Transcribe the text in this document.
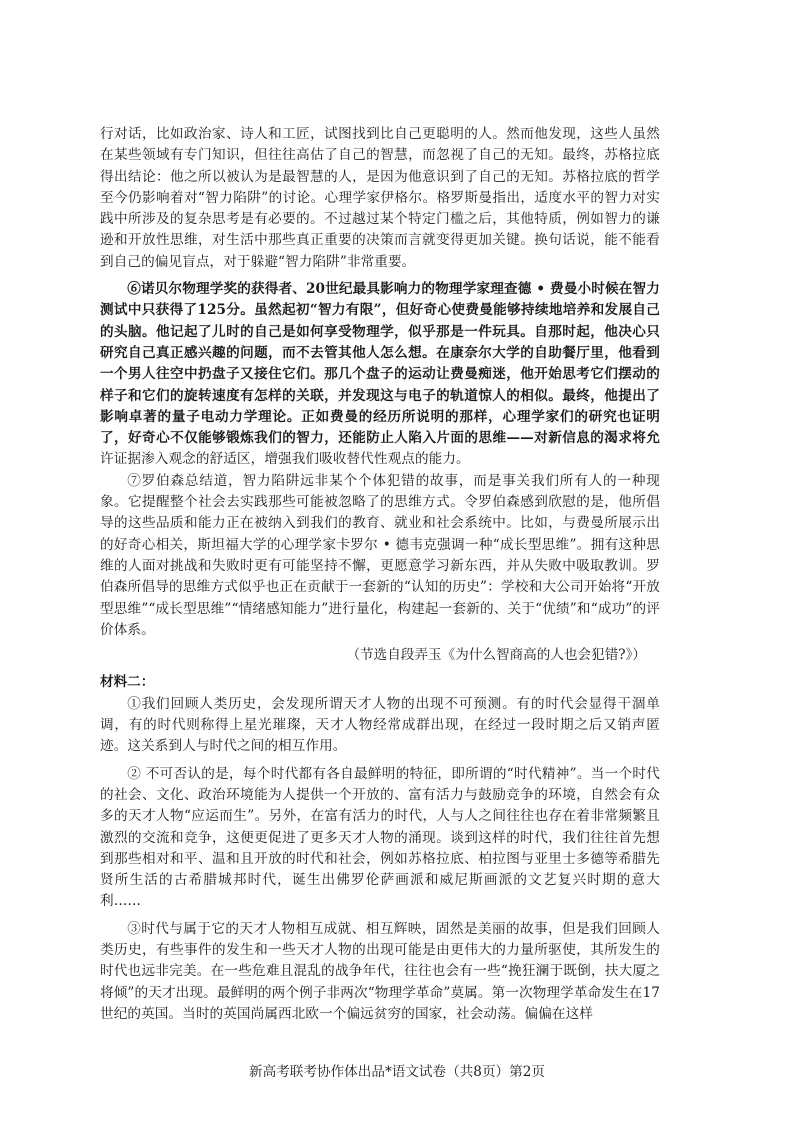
行对话，比如政治家、诗人和工匠，试图找到比自己更聪明的人。然而他发现，这些人虽然在某些领域有专门知识，但往往高估了自己的智慧，而忽视了自己的无知。最终，苏格拉底得出结论：他之所以被认为是最智慧的人，是因为他意识到了自己的无知。苏格拉底的哲学至今仍影响着对“智力陷阱”的讨论。心理学家伊格尔。格罗斯曼指出，适度水平的智力对实践中所涉及的复杂思考是有必要的。不过越过某个特定门槛之后，其他特质，例如智力的谦逊和开放性思维，对生活中那些真正重要的决策而言就变得更加关键。换句话说，能不能看到自己的偏见盲点，对于躲避“智力陷阱”非常重要。

⑥诺贝尔物理学奖的获得者、20世纪最具影响力的物理学家理查德 • 费曼小时候在智力测试中只获得了125分。虽然起初“智力有限”，但好奇心使费曼能够持续地培养和发展自己的头脑。他记起了儿时的自己是如何享受物理学，似乎那是一件玩具。自那时起，他决心只研究自己真正感兴趣的问题，而不去管其他人怎么想。在康奈尔大学的自助餐厅里，他看到一个男人往空中扔盘子又接住它们。那几个盘子的运动让费曼痴迷，他开始思考它们摆动的样子和它们的旋转速度有怎样的关联，并发现这与电子的轨道惊人的相似。最终，他提出了影响卓著的量子电动力学理论。正如费曼的经历所说明的那样，心理学家们的研究也证明了，好奇心不仅能够锻炼我们的智力，还能防止人陷入片面的思维——对新信息的渴求将允许证据渗入观念的舒适区，增强我们吸收替代性观点的能力。

⑦罗伯森总结道，智力陷阱远非某个个体犯错的故事，而是事关我们所有人的一种现象。它提醒整个社会去实践那些可能被忽略了的思维方式。令罗伯森感到欣慰的是，他所倡导的这些品质和能力正在被纳入到我们的教育、就业和社会系统中。比如，与费曼所展示出的好奇心相关，斯坦福大学的心理学家卡罗尔 • 德韦克强调一种“成长型思维”。拥有这种思维的人面对挑战和失败时更有可能坚持不懈，更愿意学习新东西，并从失败中吸取教训。罗伯森所倡导的思维方式似乎也正在贡献于一套新的“认知的历史”：学校和大公司开始将“开放型思维”“成长型思维”“情绪感知能力”进行量化，构建起一套新的、关于“优绩”和“成功”的评价体系。

（节选自段弄玉《为什么智商高的人也会犯错?》）

材料二：

①我们回顾人类历史，会发现所谓天才人物的出现不可预测。有的时代会显得干涸单调，有的时代则称得上星光璀璨，天才人物经常成群出现，在经过一段时期之后又销声匿迹。这关系到人与时代之间的相互作用。

② 不可否认的是，每个时代都有各自最鲜明的特征，即所谓的“时代精神”。当一个时代的社会、文化、政治环境能为人提供一个开放的、富有活力与鼓励竞争的环境，自然会有众多的天才人物“应运而生”。另外，在富有活力的时代，人与人之间往往也存在着非常频繁且激烈的交流和竞争，这便更促进了更多天才人物的涌现。谈到这样的时代，我们往往首先想到那些相对和平、温和且开放的时代和社会，例如苏格拉底、柏拉图与亚里士多德等希腊先贤所生活的古希腊城邦时代，诞生出佛罗伦萨画派和威尼斯画派的文艺复兴时期的意大利……

③时代与属于它的天才人物相互成就、相互辉映，固然是美丽的故事，但是我们回顾人类历史，有些事件的发生和一些天才人物的出现可能是由更伟大的力量所驱使，其所发生的时代也远非完美。在一些危难且混乱的战争年代，往往也会有一些“挽狂澜于既倒，扶大厦之将倾”的天才出现。最鲜明的两个例子非两次“物理学革命”莫属。第一次物理学革命发生在17世纪的英国。当时的英国尚属西北欧一个偏远贫穷的国家，社会动荡。偏偏在这样

新高考联考协作体出品*语文试卷（共8页）第2页
